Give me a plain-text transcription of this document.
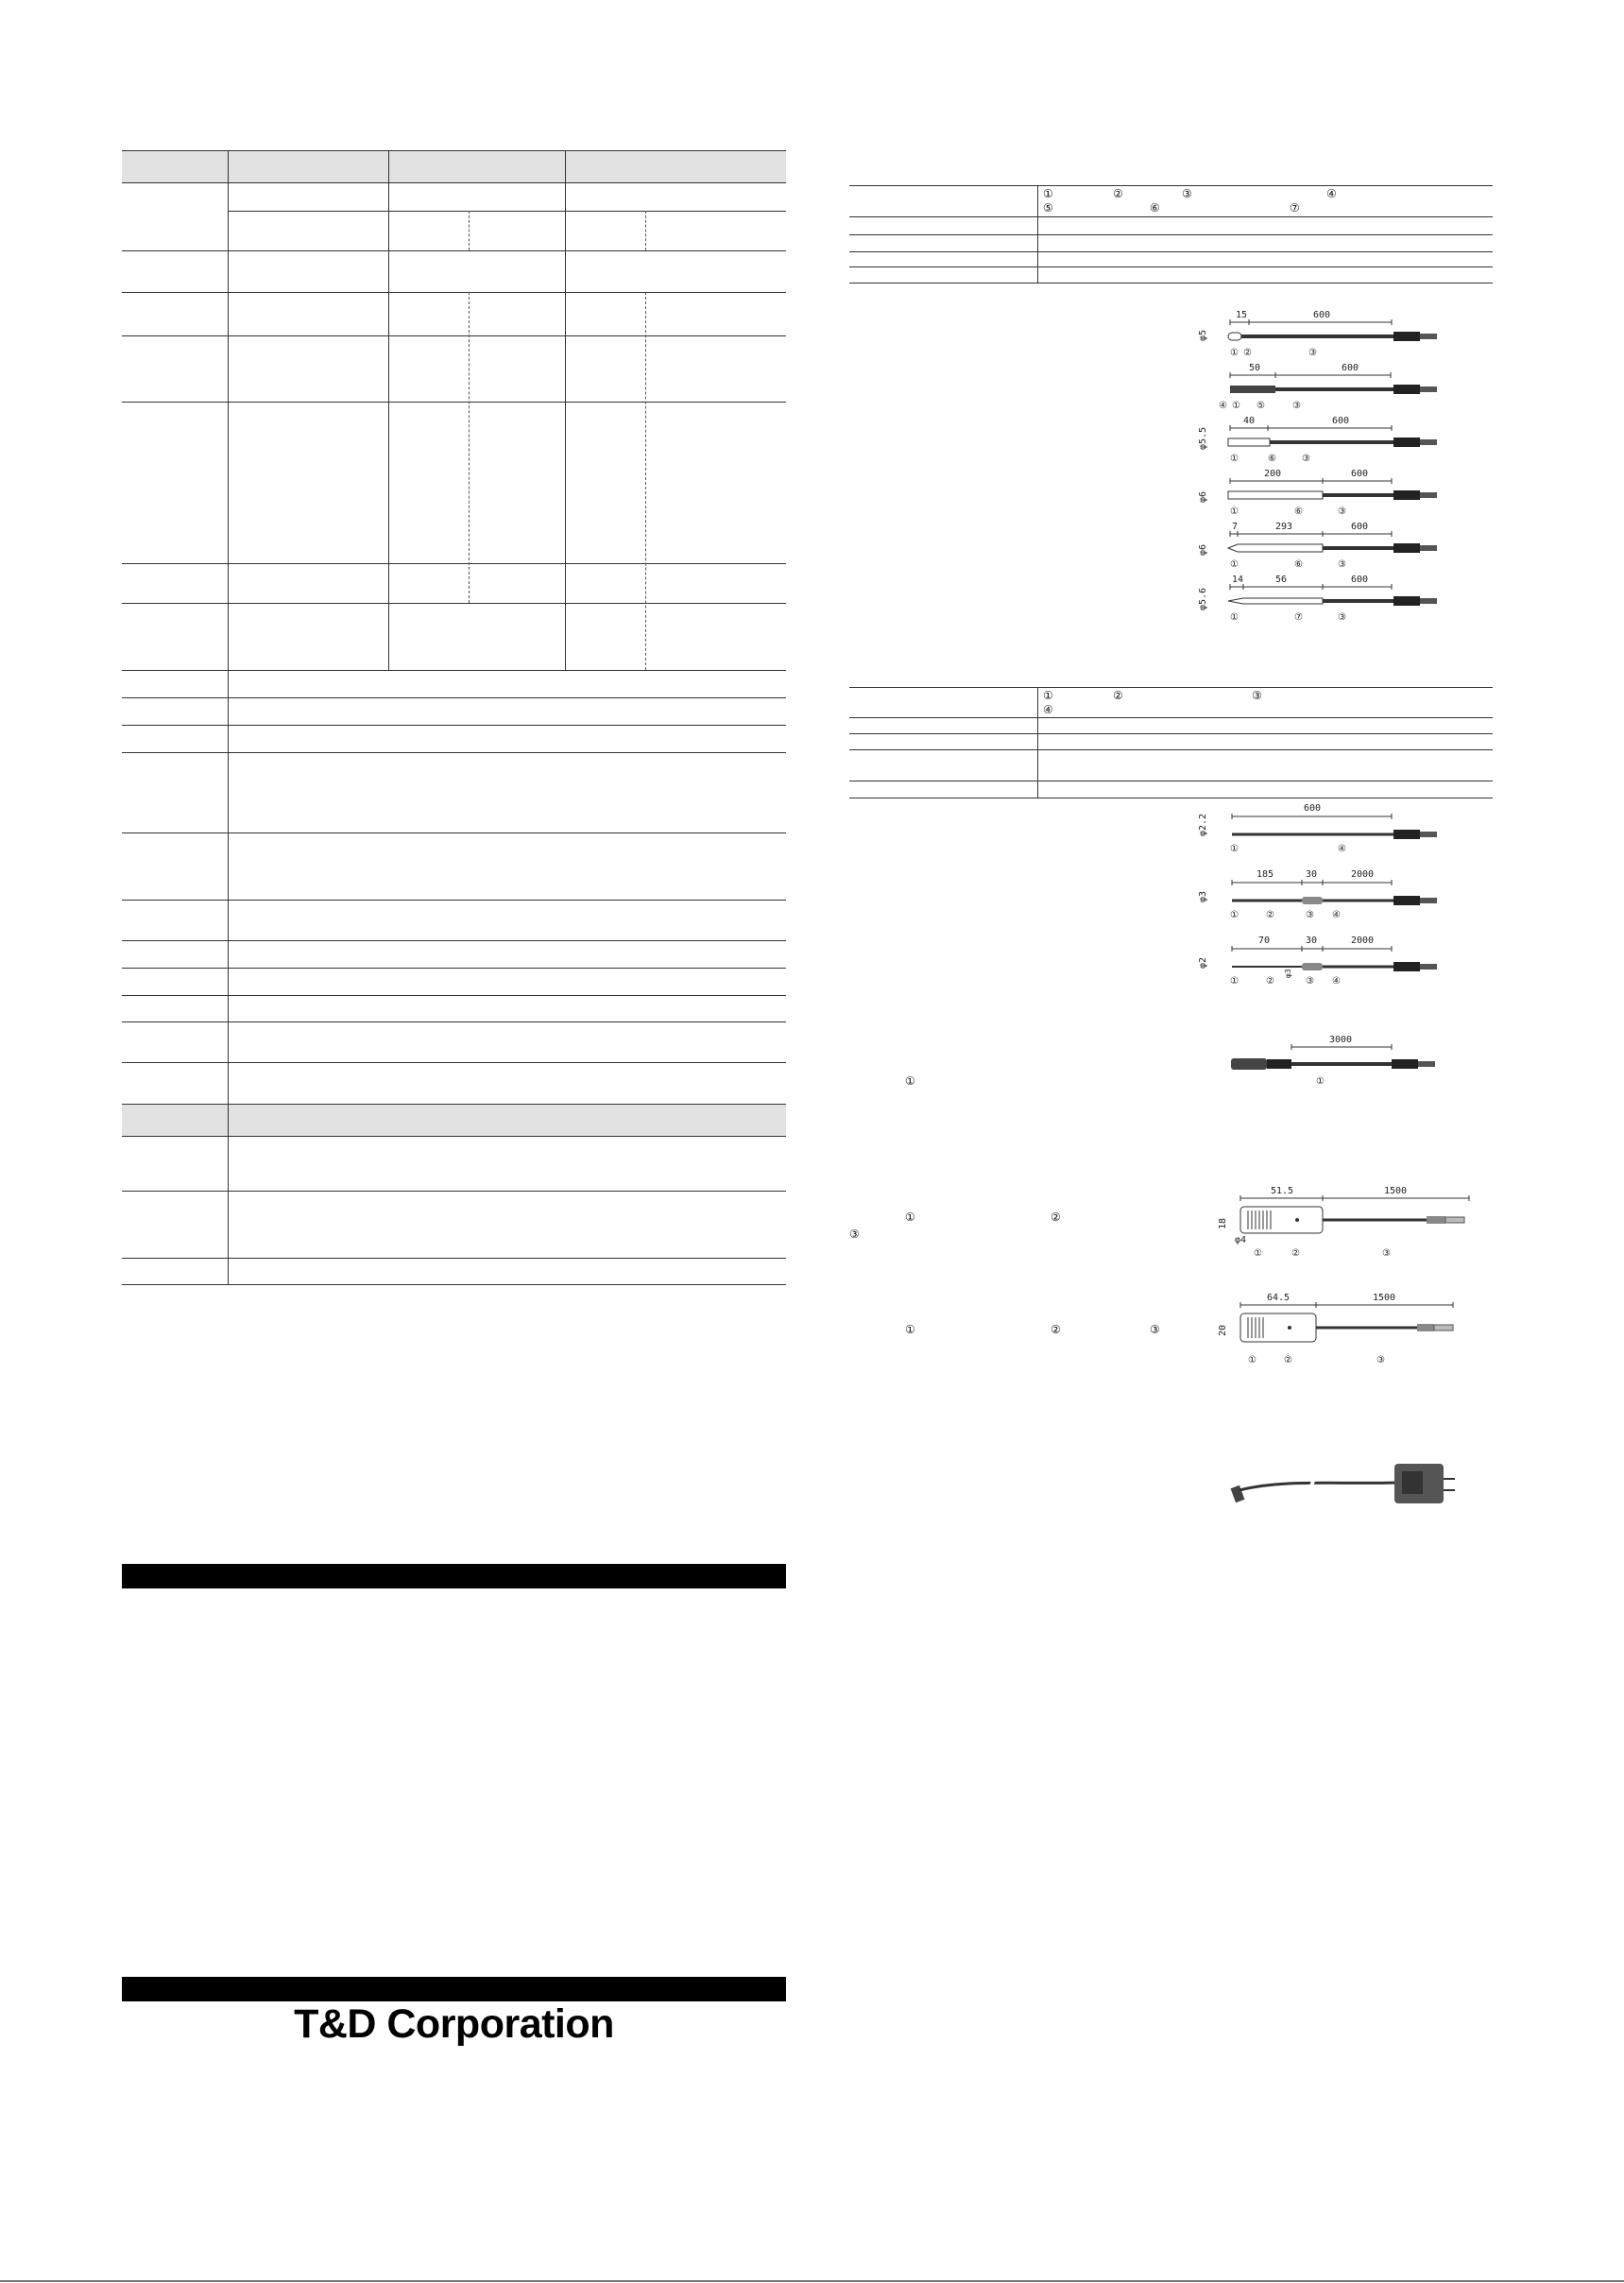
T&D Corporation
①	②	③	④
⑤	⑥	⑦
①	②	③
④
①
①	②
③
①	②	③
φ5
15	600
① ②	③
50	600
④ ① ⑤	③
φ5.5
40	600
①	⑥	③
φ6
200	600
①	⑥	③
φ6
7	293	600
①	⑥	③
φ5.6
14	56	600
①	⑦	③
φ2.2
600
①	④
φ3
185	30	2000
①	②	③ ④
φ2
φ3
70	30	2000
①	②	③ ④
3000
①
51.5	1500
18
φ4
①	②	③
64.5	1500
20
①	②	③
